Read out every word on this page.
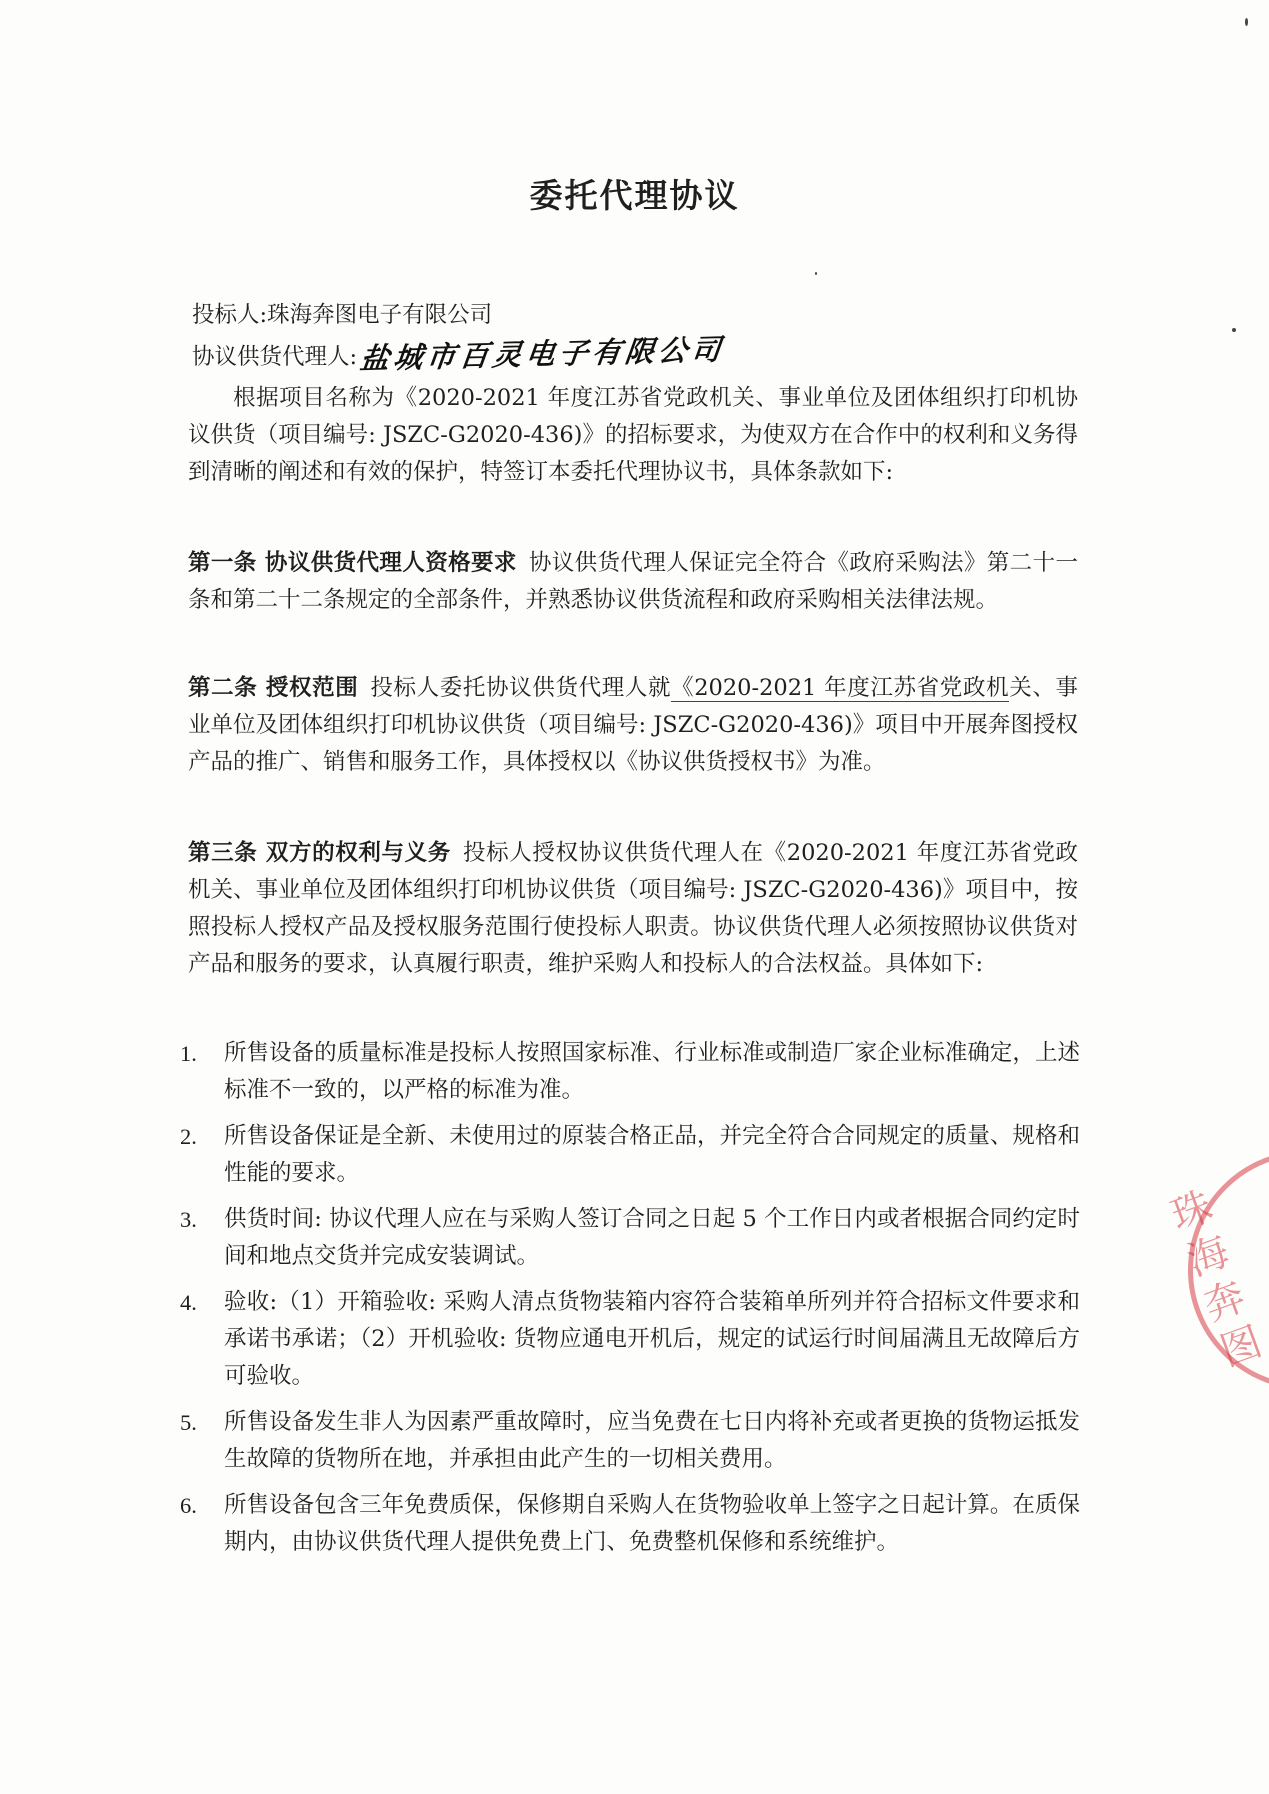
委托代理协议
投标人:珠海奔图电子有限公司
协议供货代理人:盐城市百灵电子有限公司
根据项目名称为《2020-2021 年度江苏省党政机关、事业单位及团体组织打印机协议供货（项目编号: JSZC-G2020-436)》的招标要求，为使双方在合作中的权利和义务得到清晰的阐述和有效的保护，特签订本委托代理协议书，具体条款如下:
第一条 协议供货代理人资格要求 协议供货代理人保证完全符合《政府采购法》第二十一条和第二十二条规定的全部条件，并熟悉协议供货流程和政府采购相关法律法规。
第二条 授权范围 投标人委托协议供货代理人就《2020-2021 年度江苏省党政机关、事业单位及团体组织打印机协议供货（项目编号: JSZC-G2020-436)》项目中开展奔图授权产品的推广、销售和服务工作，具体授权以《协议供货授权书》为准。
第三条 双方的权利与义务 投标人授权协议供货代理人在《2020-2021 年度江苏省党政机关、事业单位及团体组织打印机协议供货（项目编号: JSZC-G2020-436)》项目中，按照投标人授权产品及授权服务范围行使投标人职责。协议供货代理人必须按照协议供货对产品和服务的要求，认真履行职责，维护采购人和投标人的合法权益。具体如下:
1. 所售设备的质量标准是投标人按照国家标准、行业标准或制造厂家企业标准确定，上述标准不一致的，以严格的标准为准。
2. 所售设备保证是全新、未使用过的原装合格正品，并完全符合合同规定的质量、规格和性能的要求。
3. 供货时间: 协议代理人应在与采购人签订合同之日起 5 个工作日内或者根据合同约定时间和地点交货并完成安装调试。
4. 验收:（1）开箱验收: 采购人清点货物装箱内容符合装箱单所列并符合招标文件要求和承诺书承诺；（2）开机验收: 货物应通电开机后，规定的试运行时间届满且无故障后方可验收。
5. 所售设备发生非人为因素严重故障时，应当免费在七日内将补充或者更换的货物运抵发生故障的货物所在地，并承担由此产生的一切相关费用。
6. 所售设备包含三年免费质保，保修期自采购人在货物验收单上签字之日起计算。在质保期内，由协议供货代理人提供免费上门、免费整机保修和系统维护。
珠海奔图
